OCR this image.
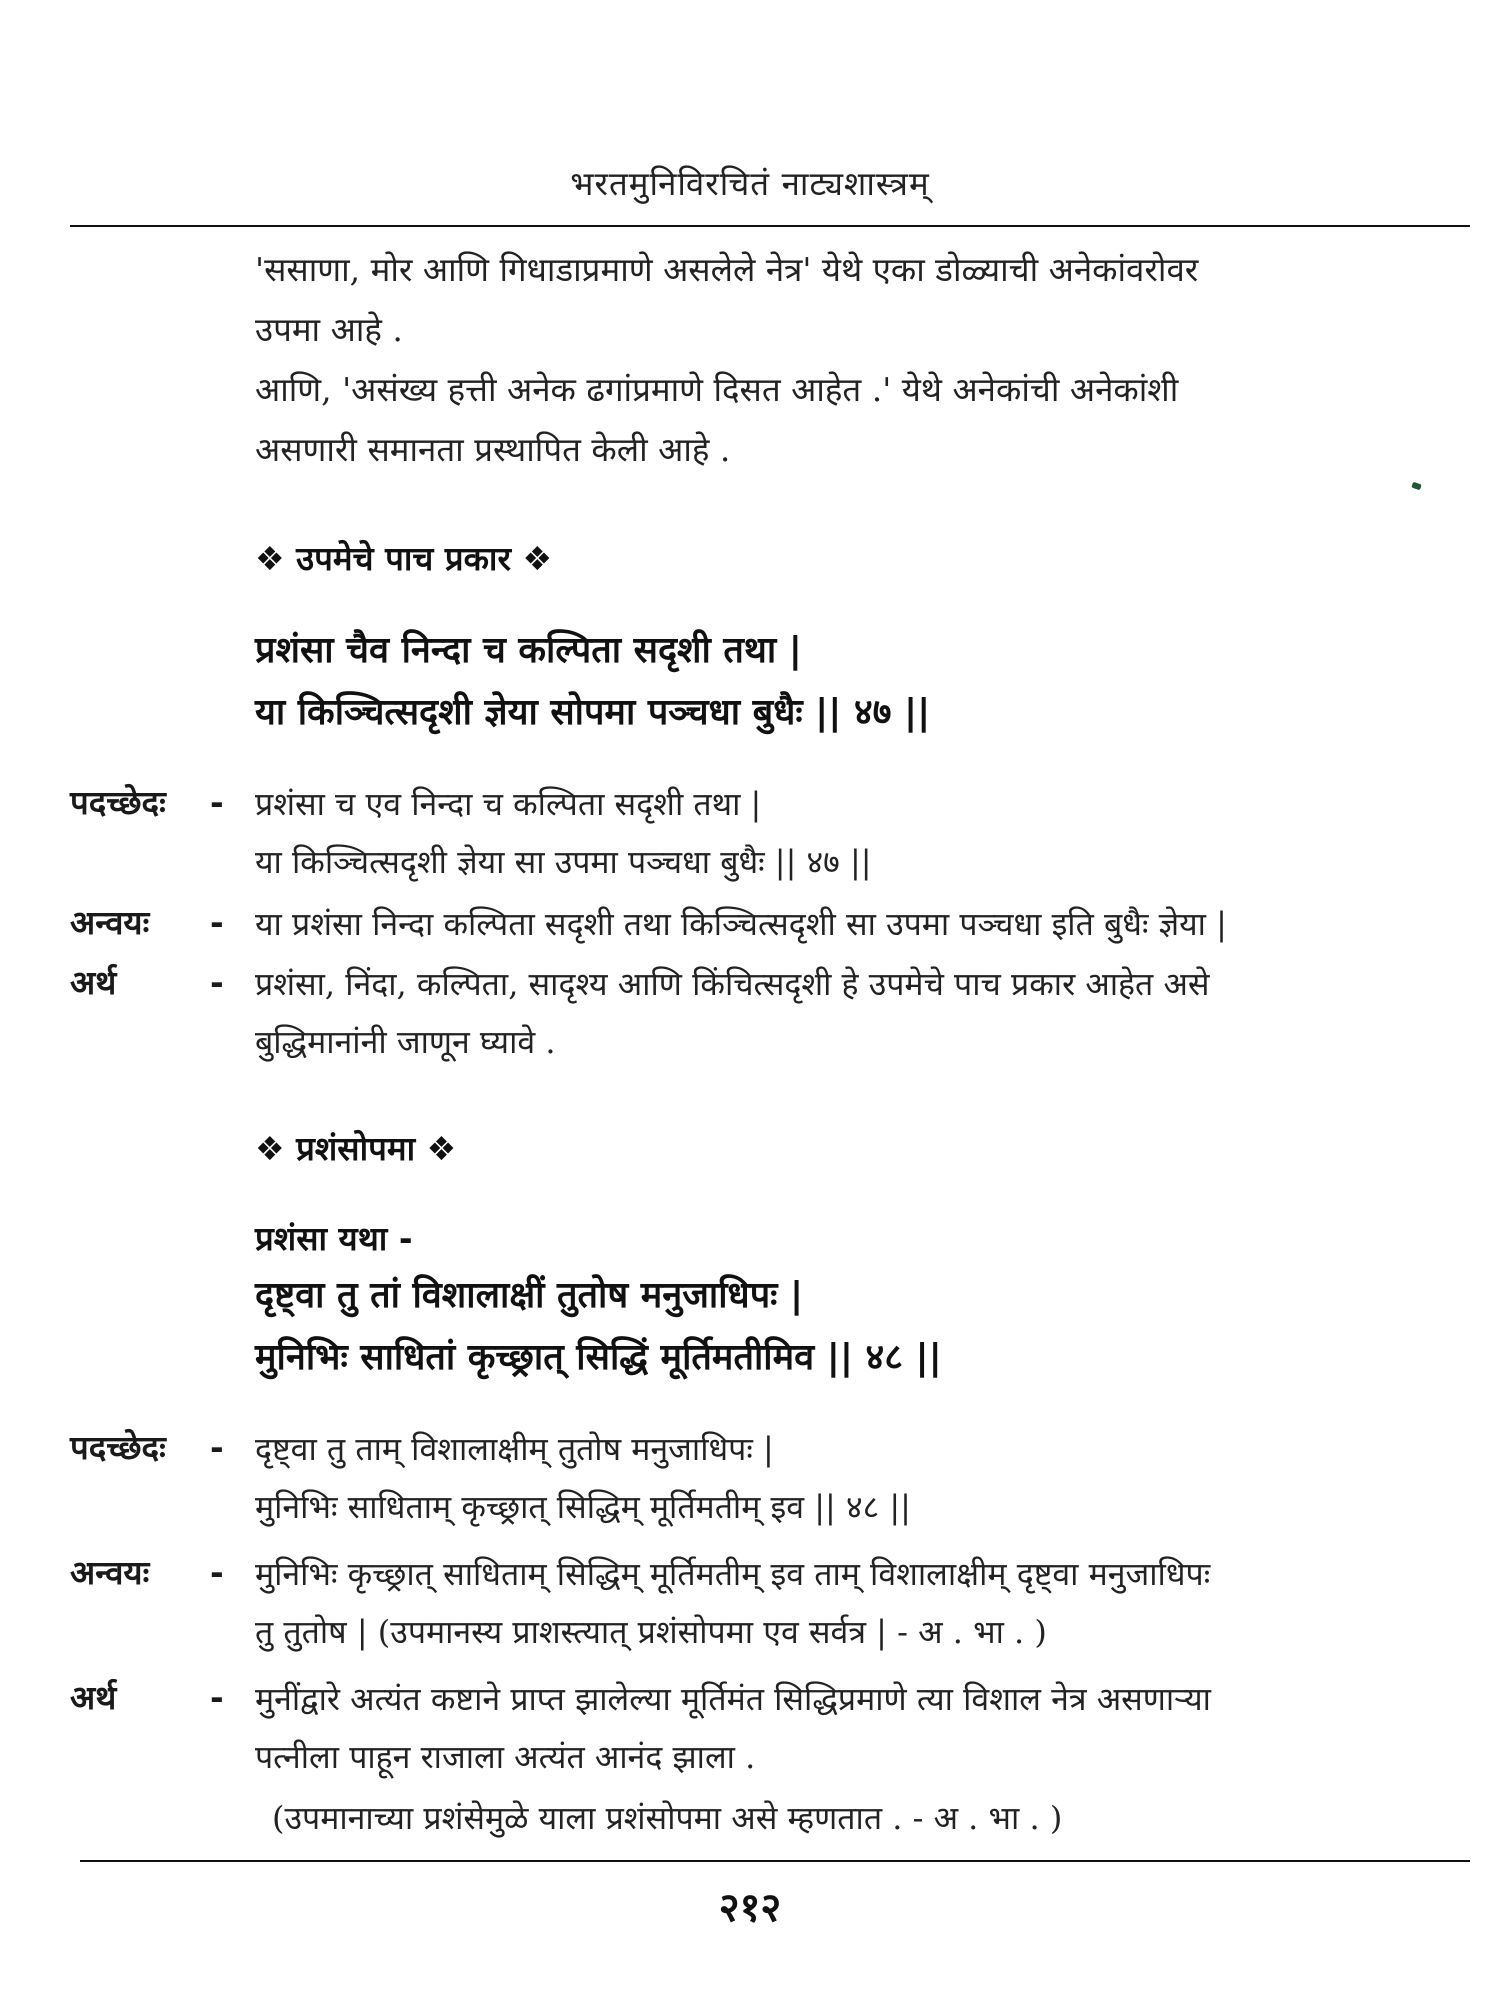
भरतमुनिविरचितं नाट्यशास्त्रम्
'ससाणा, मोर आणि गिधाडाप्रमाणे असलेले नेत्र' येथे एका डोळ्याची अनेकांवरोवर
उपमा आहे .
आणि, 'असंख्य हत्ती अनेक ढगांप्रमाणे दिसत आहेत .' येथे अनेकांची अनेकांशी
असणारी समानता प्रस्थापित केली आहे .
❖ उपमेचे पाच प्रकार ❖
प्रशंसा चैव निन्दा च कल्पिता सदृशी तथा |
या किञ्चित्सदृशी ज्ञेया सोपमा पञ्चधा बुधैः || ४७ ||
पदच्छेदः	- प्रशंसा च एव निन्दा च कल्पिता सदृशी तथा |
या किञ्चित्सदृशी ज्ञेया सा उपमा पञ्चधा बुधैः || ४७ ||
अन्वयः	- या प्रशंसा निन्दा कल्पिता सदृशी तथा किञ्चित्सदृशी सा उपमा पञ्चधा इति बुधैः ज्ञेया |
अर्थ	- प्रशंसा, निंदा, कल्पिता, सादृश्य आणि किंचित्सदृशी हे उपमेचे पाच प्रकार आहेत असे
बुद्धिमानांनी जाणून घ्यावे .
❖ प्रशंसोपमा ❖
प्रशंसा यथा -
दृष्ट्वा तु तां विशालाक्षीं तुतोष मनुजाधिपः |
मुनिभिः साधितां कृच्छ्रात् सिद्धिं मूर्तिमतीमिव || ४८ ||
पदच्छेदः	- दृष्ट्वा तु ताम् विशालाक्षीम् तुतोष मनुजाधिपः |
मुनिभिः साधिताम् कृच्छ्रात् सिद्धिम् मूर्तिमतीम् इव || ४८ ||
अन्वयः	- मुनिभिः कृच्छ्रात् साधिताम् सिद्धिम् मूर्तिमतीम् इव ताम् विशालाक्षीम् दृष्ट्वा मनुजाधिपः
तु तुतोष | (उपमानस्य प्राशस्त्यात् प्रशंसोपमा एव सर्वत्र | - अ . भा . )
अर्थ	- मुनींद्वारे अत्यंत कष्टाने प्राप्त झालेल्या मूर्तिमंत सिद्धिप्रमाणे त्या विशाल नेत्र असणाऱ्या
पत्नीला पाहून राजाला अत्यंत आनंद झाला .
(उपमानाच्या प्रशंसेमुळे याला प्रशंसोपमा असे म्हणतात . - अ . भा . )
२१२
